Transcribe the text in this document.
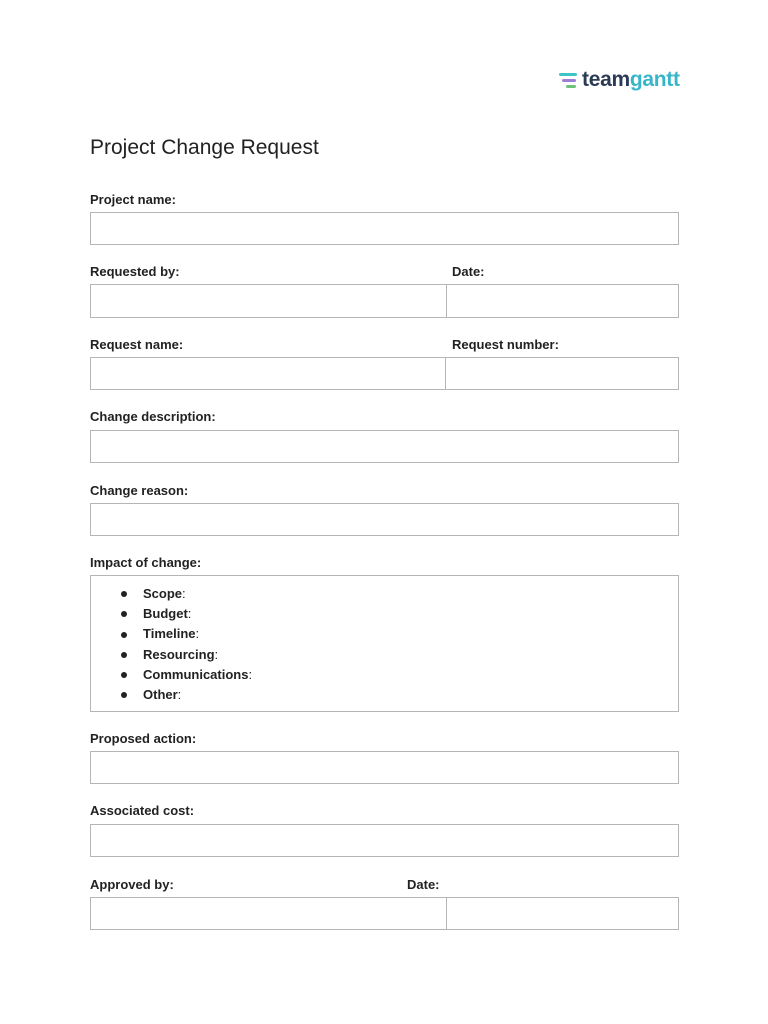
teamgantt
Project Change Request
Project name:
Requested by:	Date:
Request name:	Request number:
Change description:
Change reason:
Impact of change:
Scope :
Budget :
Timeline :
Resourcing :
Communications :
Other :
Proposed action:
Associated cost:
Approved by:	Date:
